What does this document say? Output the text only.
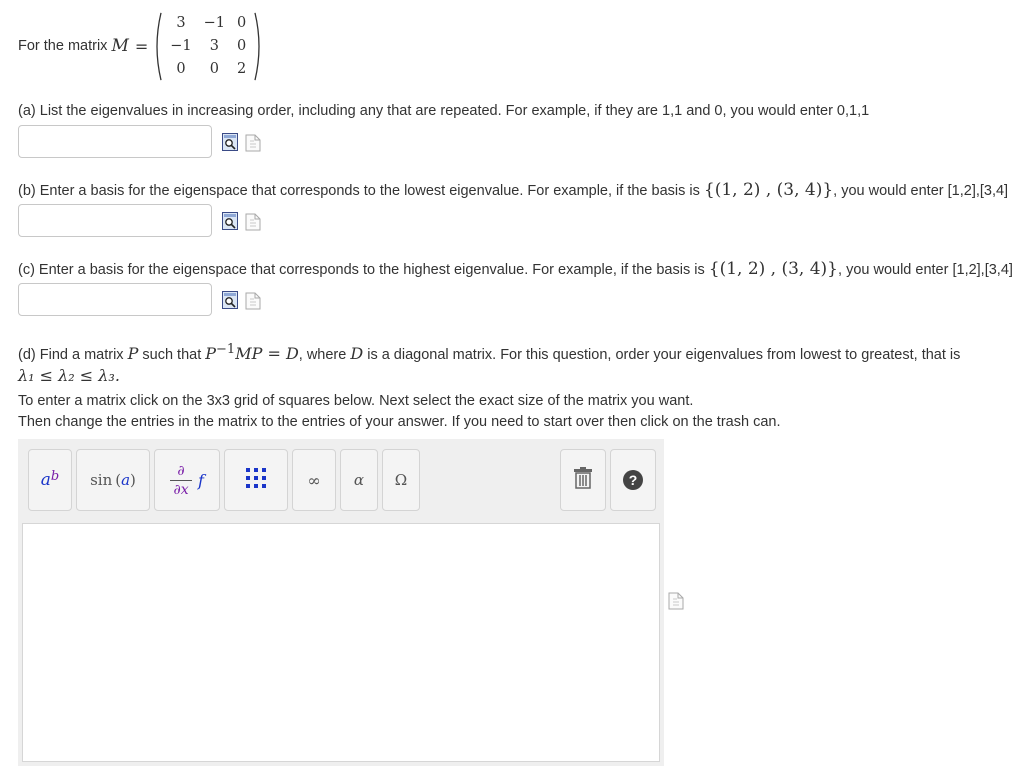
For the matrix M =
3	−1	0
−1	3	0
0	0	2
(a) List the eigenvalues in increasing order, including any that are repeated. For example, if they are 1,1 and 0, you would enter 0,1,1
(b) Enter a basis for the eigenspace that corresponds to the lowest eigenvalue. For example, if the basis is {(1, 2) , (3, 4)}, you would enter [1,2],[3,4]
(c) Enter a basis for the eigenspace that corresponds to the highest eigenvalue. For example, if the basis is {(1, 2) , (3, 4)}, you would enter [1,2],[3,4]
(d) Find a matrix P such that $P^{-1}MP = D$, where D is a diagonal matrix. For this question, order your eigenvalues from lowest to greatest, that is
λ₁ ≤ λ₂ ≤ λ₃.
To enter a matrix click on the 3x3 grid of squares below. Next select the exact size of the matrix you want.
Then change the entries in the matrix to the entries of your answer. If you need to start over then click on the trash can.
$a^b$ sin ( a )
∂
∂x f	∞ α Ω	?
